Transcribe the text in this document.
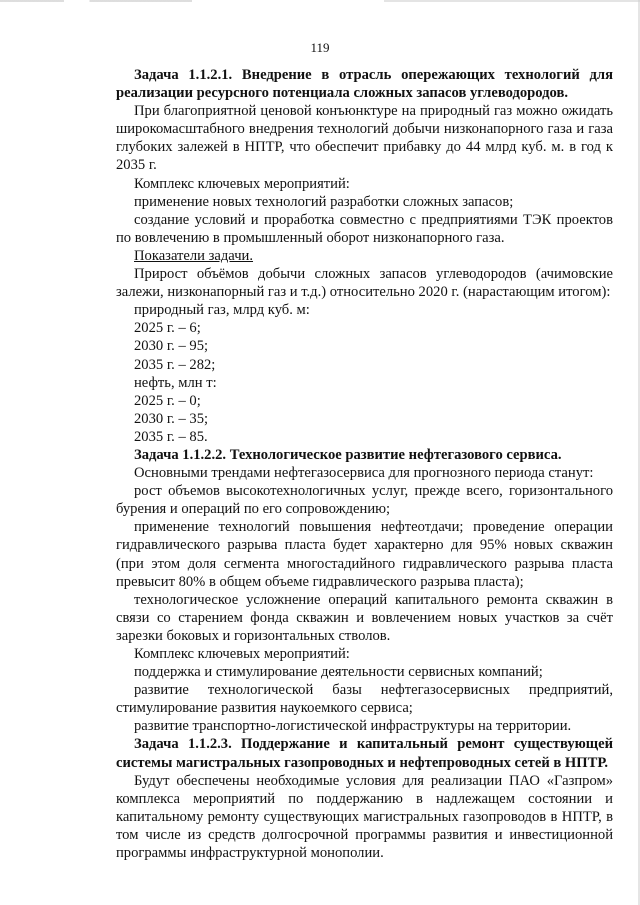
119

Задача 1.1.2.1. Внедрение в отрасль опережающих технологий для реализации ресурсного потенциала сложных запасов углеводородов.

При благоприятной ценовой конъюнктуре на природный газ можно ожидать широкомасштабного внедрения технологий добычи низконапорного газа и газа глубоких залежей в НПТР, что обеспечит прибавку до 44 млрд куб. м. в год к 2035 г.

Комплекс ключевых мероприятий:

применение новых технологий разработки сложных запасов;

создание условий и проработка совместно с предприятиями ТЭК проектов по вовлечению в промышленный оборот низконапорного газа.

Показатели задачи.

Прирост объёмов добычи сложных запасов углеводородов (ачимовские залежи, низконапорный газ и т.д.) относительно 2020 г. (нарастающим итогом):

природный газ, млрд куб. м:

2025 г. – 6;

2030 г. – 95;

2035 г. – 282;

нефть, млн т:

2025 г. – 0;

2030 г. – 35;

2035 г. – 85.

Задача 1.1.2.2. Технологическое развитие нефтегазового сервиса.

Основными трендами нефтегазосервиса для прогнозного периода станут:

рост объемов высокотехнологичных услуг, прежде всего, горизонтального бурения и операций по его сопровождению;

применение технологий повышения нефтеотдачи; проведение операции гидравлического разрыва пласта будет характерно для 95% новых скважин (при этом доля сегмента многостадийного гидравлического разрыва пласта превысит 80% в общем объеме гидравлического разрыва пласта);

технологическое усложнение операций капитального ремонта скважин в связи со старением фонда скважин и вовлечением новых участков за счёт зарезки боковых и горизонтальных стволов.

Комплекс ключевых мероприятий:

поддержка и стимулирование деятельности сервисных компаний;

развитие технологической базы нефтегазосервисных предприятий, стимулирование развития наукоемкого сервиса;

развитие транспортно-логистической инфраструктуры на территории.

Задача 1.1.2.3. Поддержание и капитальный ремонт существующей системы магистральных газопроводных и нефтепроводных сетей в НПТР.

Будут обеспечены необходимые условия для реализации ПАО «Газпром» комплекса мероприятий по поддержанию в надлежащем состоянии и капитальному ремонту существующих магистральных газопроводов в НПТР, в том числе из средств долгосрочной программы развития и инвестиционной программы инфраструктурной монополии.
